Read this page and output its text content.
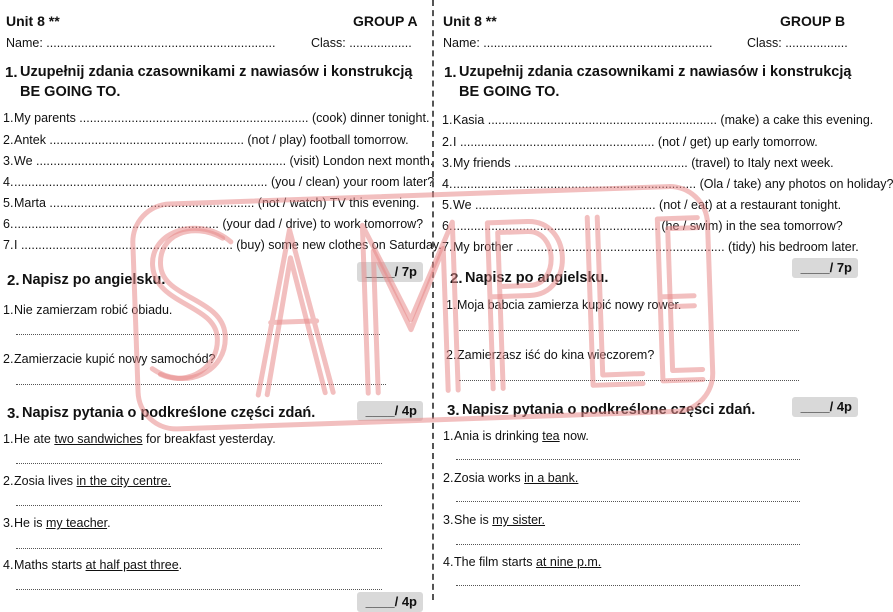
Unit 8 **	GROUP A
Name: ..................................................................	Class: ..................
1. Uzupełnij zdania czasownikami z nawiasów i konstrukcją
BE GOING TO.
1.My parents .................................................................. (cook) dinner tonight.
2.Antek ........................................................ (not / play) football tomorrow.
3.We ........................................................................ (visit) London next month.
4.......................................................................... (you / clean) your room later?
5.Marta ........................................................... (not / watch) TV this evening.
6............................................................ (your dad / drive) to work tomorrow?
7.I ............................................................. (buy) some new clothes on Saturday.
____/ 7p
2. Napisz po angielsku.
1.Nie zamierzam robić obiadu.
2.Zamierzacie kupić nowy samochód?
____/ 4p
3. Napisz pytania o podkreślone części zdań.
1.He ate two sandwiches for breakfast yesterday.
2.Zosia lives in the city centre.
3.He is my teacher.
4.Maths starts at half past three.
____/ 4p
Unit 8 **	GROUP B
Name: ..................................................................	Class: ..................
1. Uzupełnij zdania czasownikami z nawiasów i konstrukcją
BE GOING TO.
1.Kasia .................................................................. (make) a cake this evening.
2.I ........................................................ (not / get) up early tomorrow.
3.My friends .................................................. (travel) to Italy next week.
4....................................................................... (Ola / take) any photos on holiday?
5.We .................................................... (not / eat) at a restaurant tonight.
6............................................................ (he / swim) in the sea tomorrow?
7.My brother ............................................................ (tidy) his bedroom later.
____/ 7p
2. Napisz po angielsku.
1.Moja babcia zamierza kupić nowy rower.
2.Zamierzasz iść do kina wieczorem?
____/ 4p
3. Napisz pytania o podkreślone części zdań.
1.Ania is drinking tea now.
2.Zosia works in a bank.
3.She is my sister.
4.The film starts at nine p.m.
